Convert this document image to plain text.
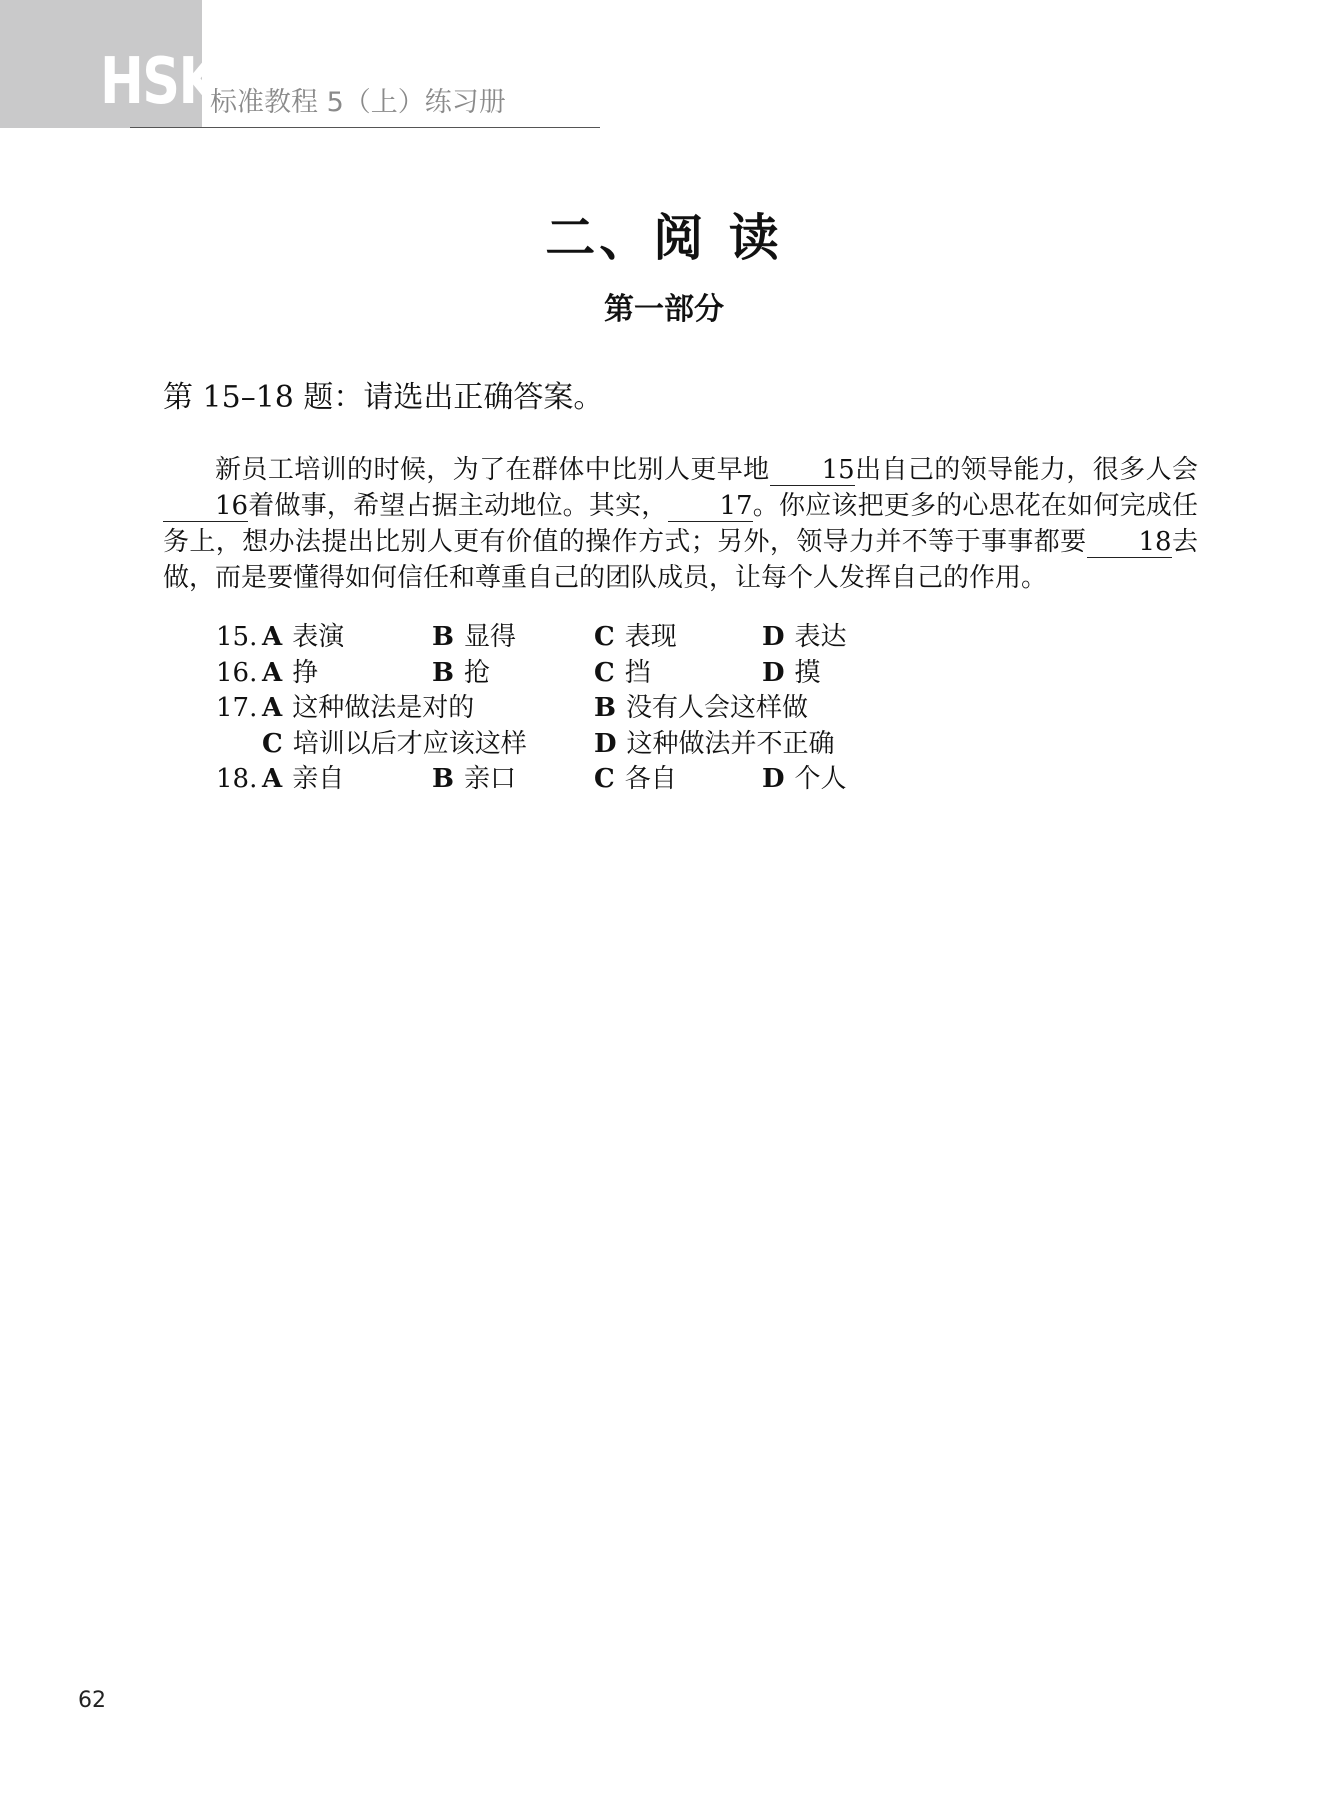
HSK
标准教程 5（上）练习册
二、阅 读
第一部分
第 15–18 题：请选出正确答案。

新员工培训的时候，为了在群体中比别人更早地 15出自己的领导能力，很多人会16着做事，希望占据主动地位。其实， 17。你应该把更多的心思花在如何完成任务上，想办法提出比别人更有价值的操作方式；另外，领导力并不等于事事都要 18去做，而是要懂得如何信任和尊重自己的团队成员，让每个人发挥自己的作用。

15. A 表演	B 显得	C 表现	D 表达
16. A 挣	B 抢	C 挡	D 摸
17. A 这种做法是对的	B 没有人会这样做
C 培训以后才应该这样	D 这种做法并不正确
18. A 亲自	B 亲口	C 各自	D 个人
62
